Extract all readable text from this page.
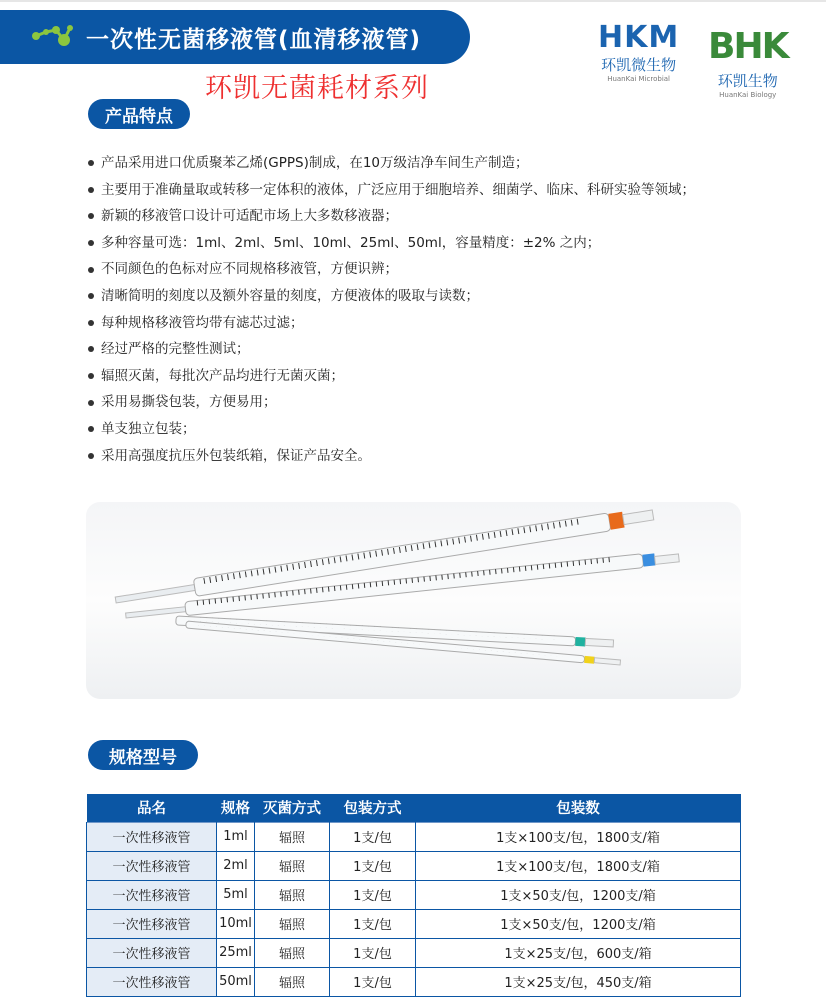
一次性无菌移液管(血清移液管)
环凯无菌耗材系列
HKM
环凯微生物
HuanKai Microbial
BHK
环凯生物
HuanKai Biology
产品特点
产品采用进口优质聚苯乙烯(GPPS)制成，在10万级洁净车间生产制造；
主要用于准确量取或转移一定体积的液体，广泛应用于细胞培养、细菌学、临床、科研实验等领域；
新颖的移液管口设计可适配市场上大多数移液器；
多种容量可选：1ml、2ml、5ml、10ml、25ml、50ml，容量精度：±2% 之内；
不同颜色的色标对应不同规格移液管，方便识辨；
清晰简明的刻度以及额外容量的刻度，方便液体的吸取与读数；
每种规格移液管均带有滤芯过滤；
经过严格的完整性测试；
辐照灭菌，每批次产品均进行无菌灭菌；
采用易撕袋包装，方便易用；
单支独立包装；
采用高强度抗压外包装纸箱，保证产品安全。
规格型号
品名	规格	灭菌方式	包装方式	包装数
一次性移液管	1ml	辐照	1支/包	1支×100支/包，1800支/箱
一次性移液管	2ml	辐照	1支/包	1支×100支/包，1800支/箱
一次性移液管	5ml	辐照	1支/包	1支×50支/包，1200支/箱
一次性移液管	10ml	辐照	1支/包	1支×50支/包，1200支/箱
一次性移液管	25ml	辐照	1支/包	1支×25支/包，600支/箱
一次性移液管	50ml	辐照	1支/包	1支×25支/包，450支/箱
